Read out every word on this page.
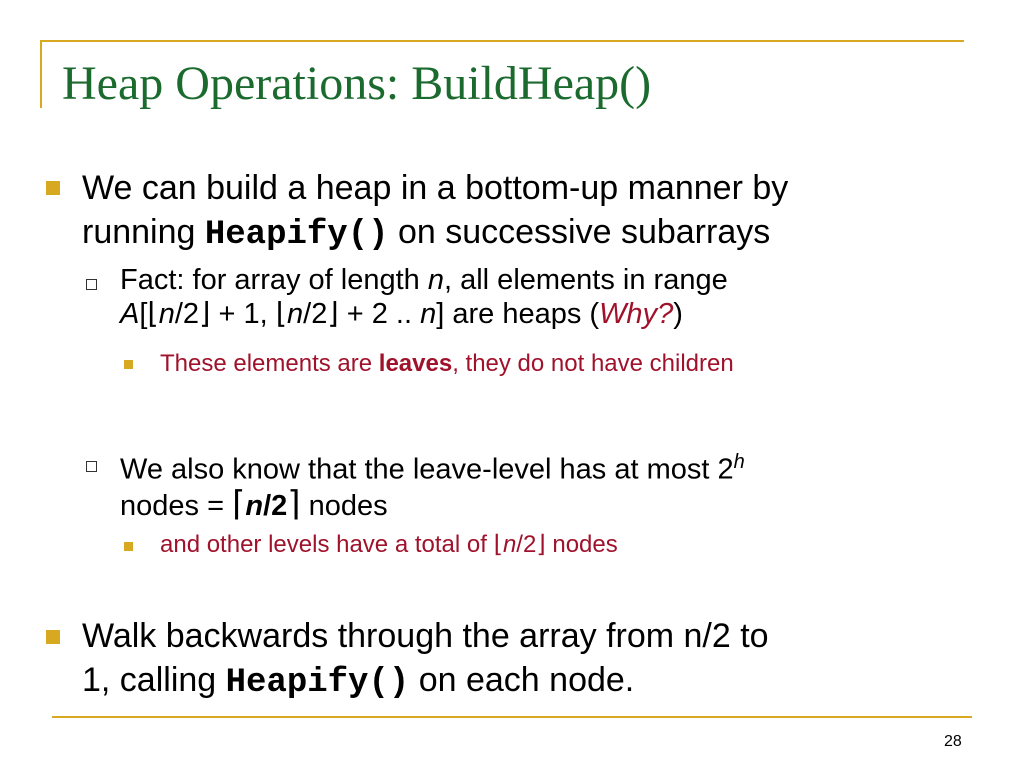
Heap Operations: BuildHeap()
We can build a heap in a bottom-up manner by
running Heapify() on successive subarrays
Fact: for array of length n, all elements in range
A[⌊n/2⌋ + 1, ⌊n/2⌋ + 2 .. n] are heaps (Why?)
These elements are leaves, they do not have children
We also know that the leave-level has at most 2$^h$
nodes = ⌈n/2⌉ nodes
and other levels have a total of ⌊n/2⌋ nodes
Walk backwards through the array from n/2 to
1, calling Heapify() on each node.
28
